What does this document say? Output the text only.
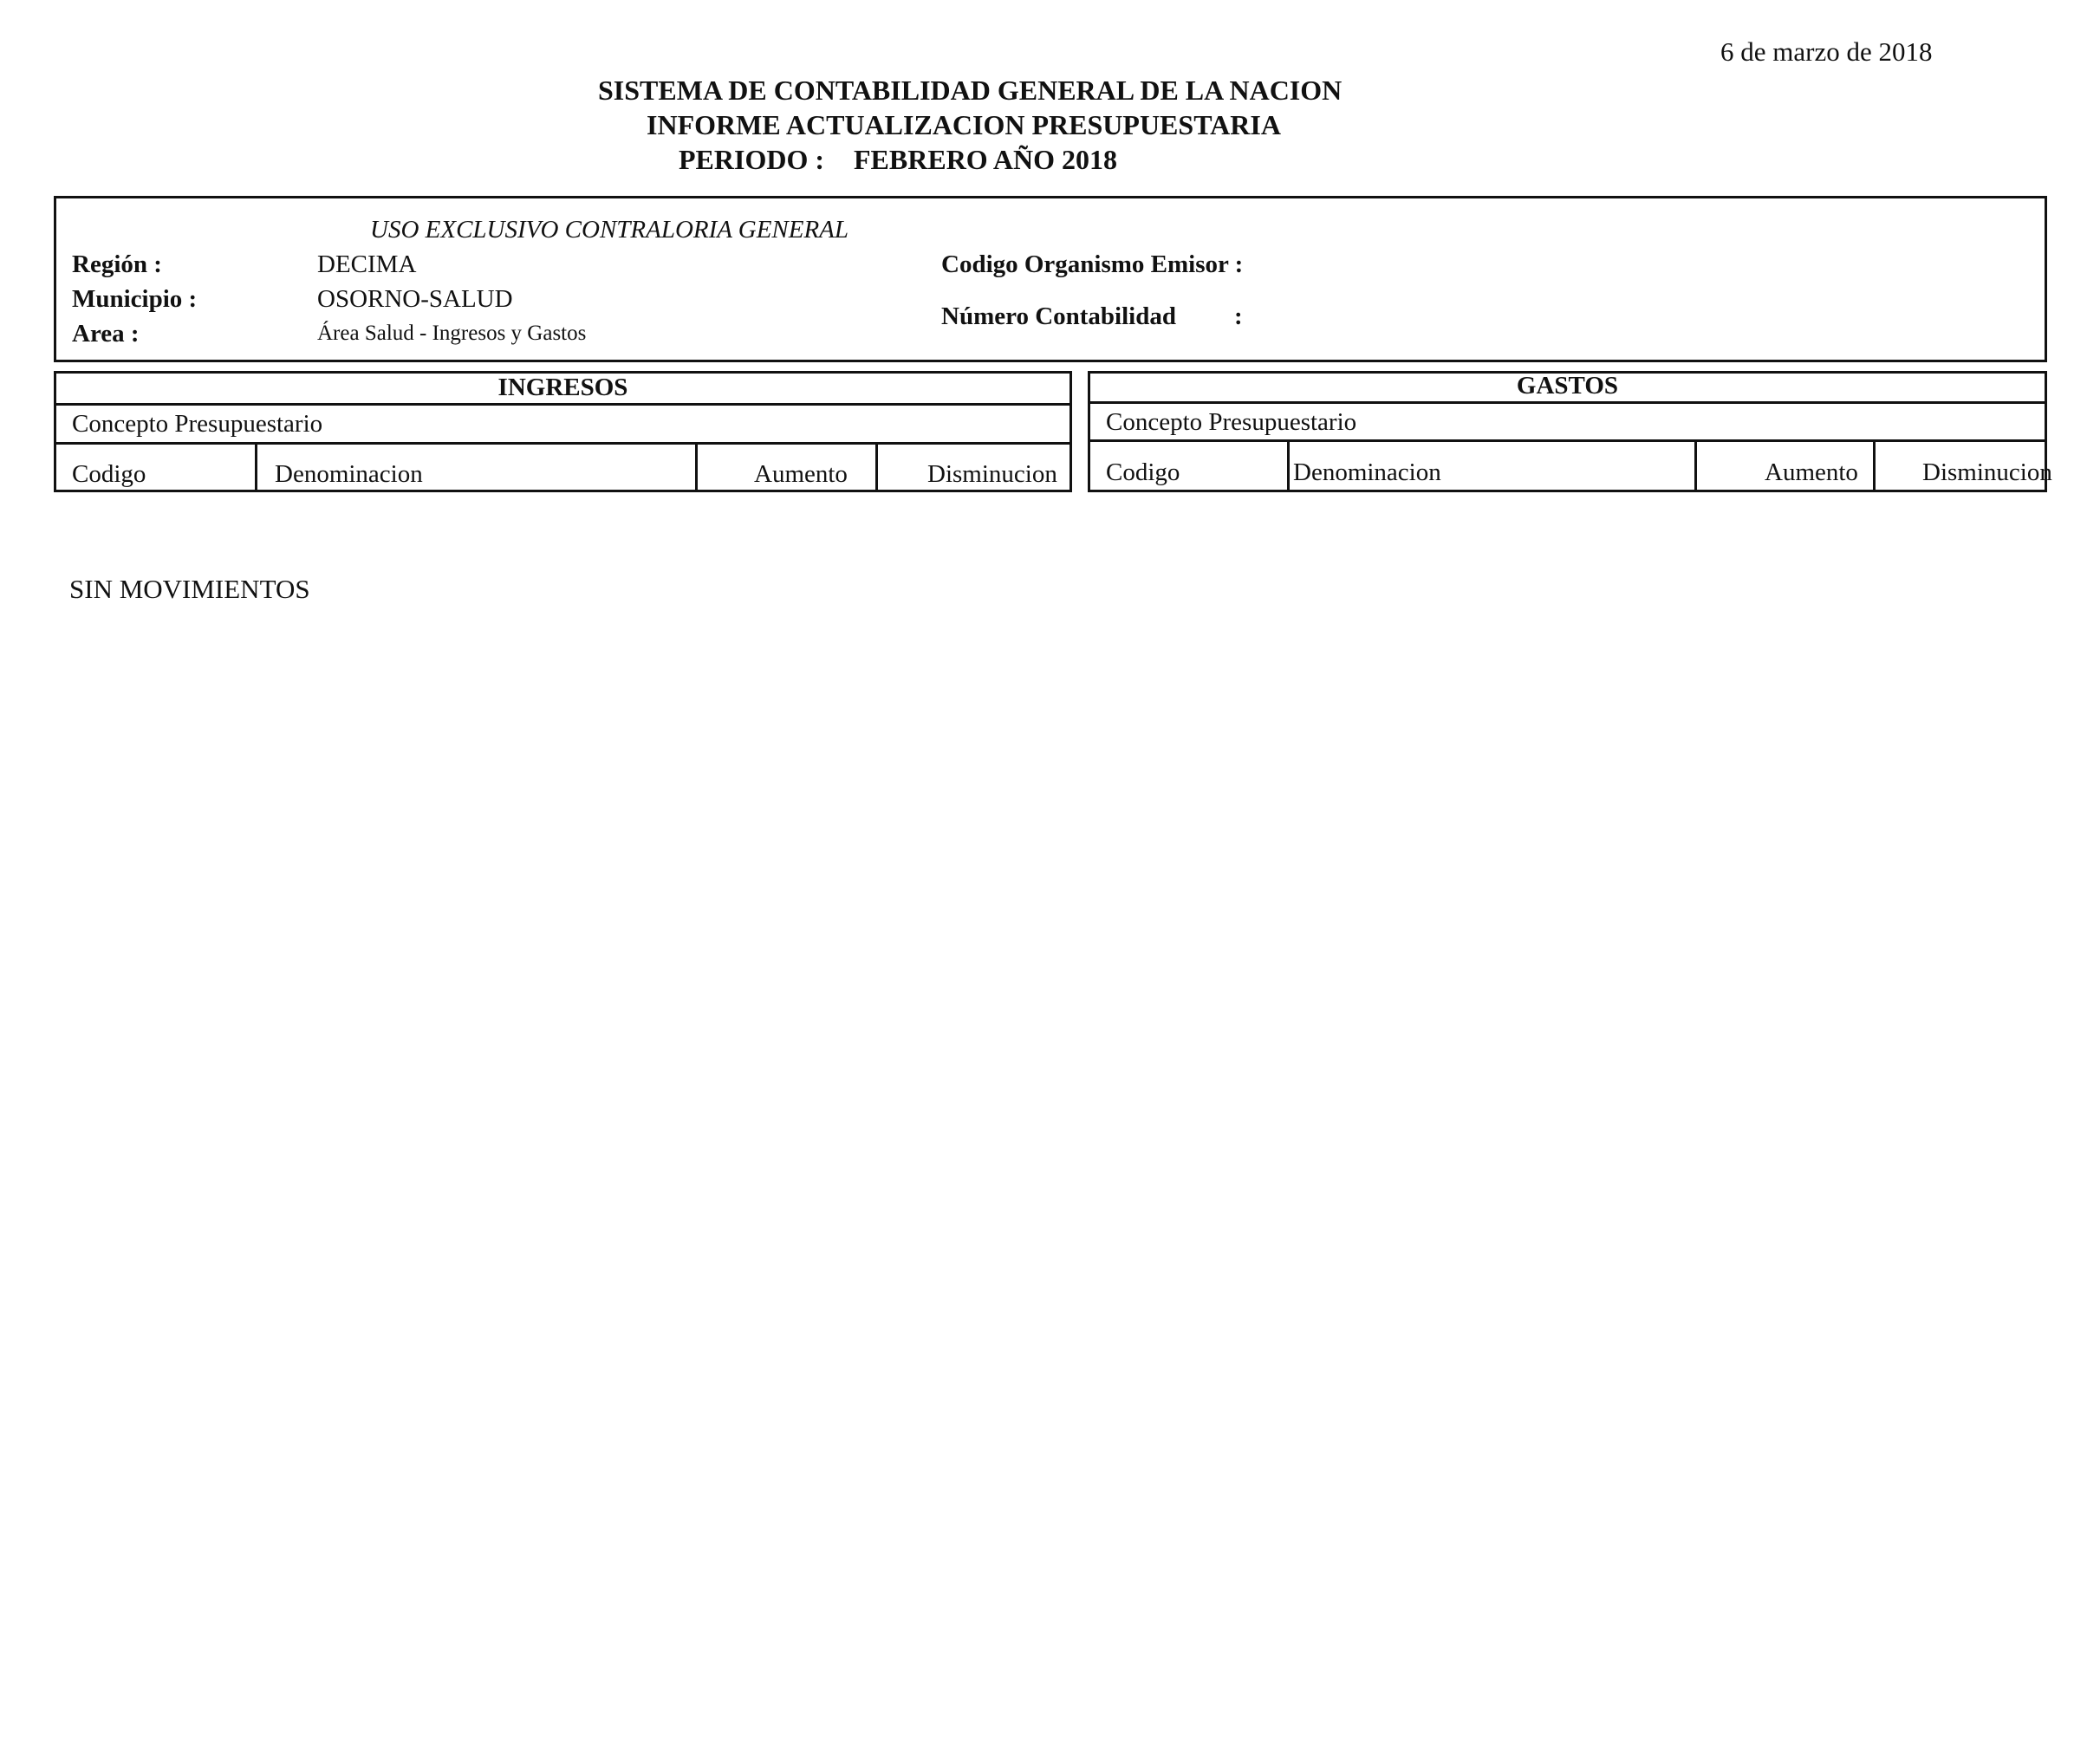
6 de marzo de 2018
SISTEMA DE CONTABILIDAD GENERAL DE LA NACION
INFORME ACTUALIZACION PRESUPUESTARIA
PERIODO : FEBRERO AÑO 2018
USO EXCLUSIVO CONTRALORIA GENERAL
Región :	DECIMA
Municipio :	OSORNO-SALUD
Area :	Área Salud - Ingresos y Gastos
Codigo Organismo Emisor :
Número Contabilidad :
INGRESOS
Concepto Presupuestario
Codigo	Denominacion	Aumento	Disminucion
GASTOS
Concepto Presupuestario
Codigo	Denominacion	Aumento	Disminucion
SIN MOVIMIENTOS
